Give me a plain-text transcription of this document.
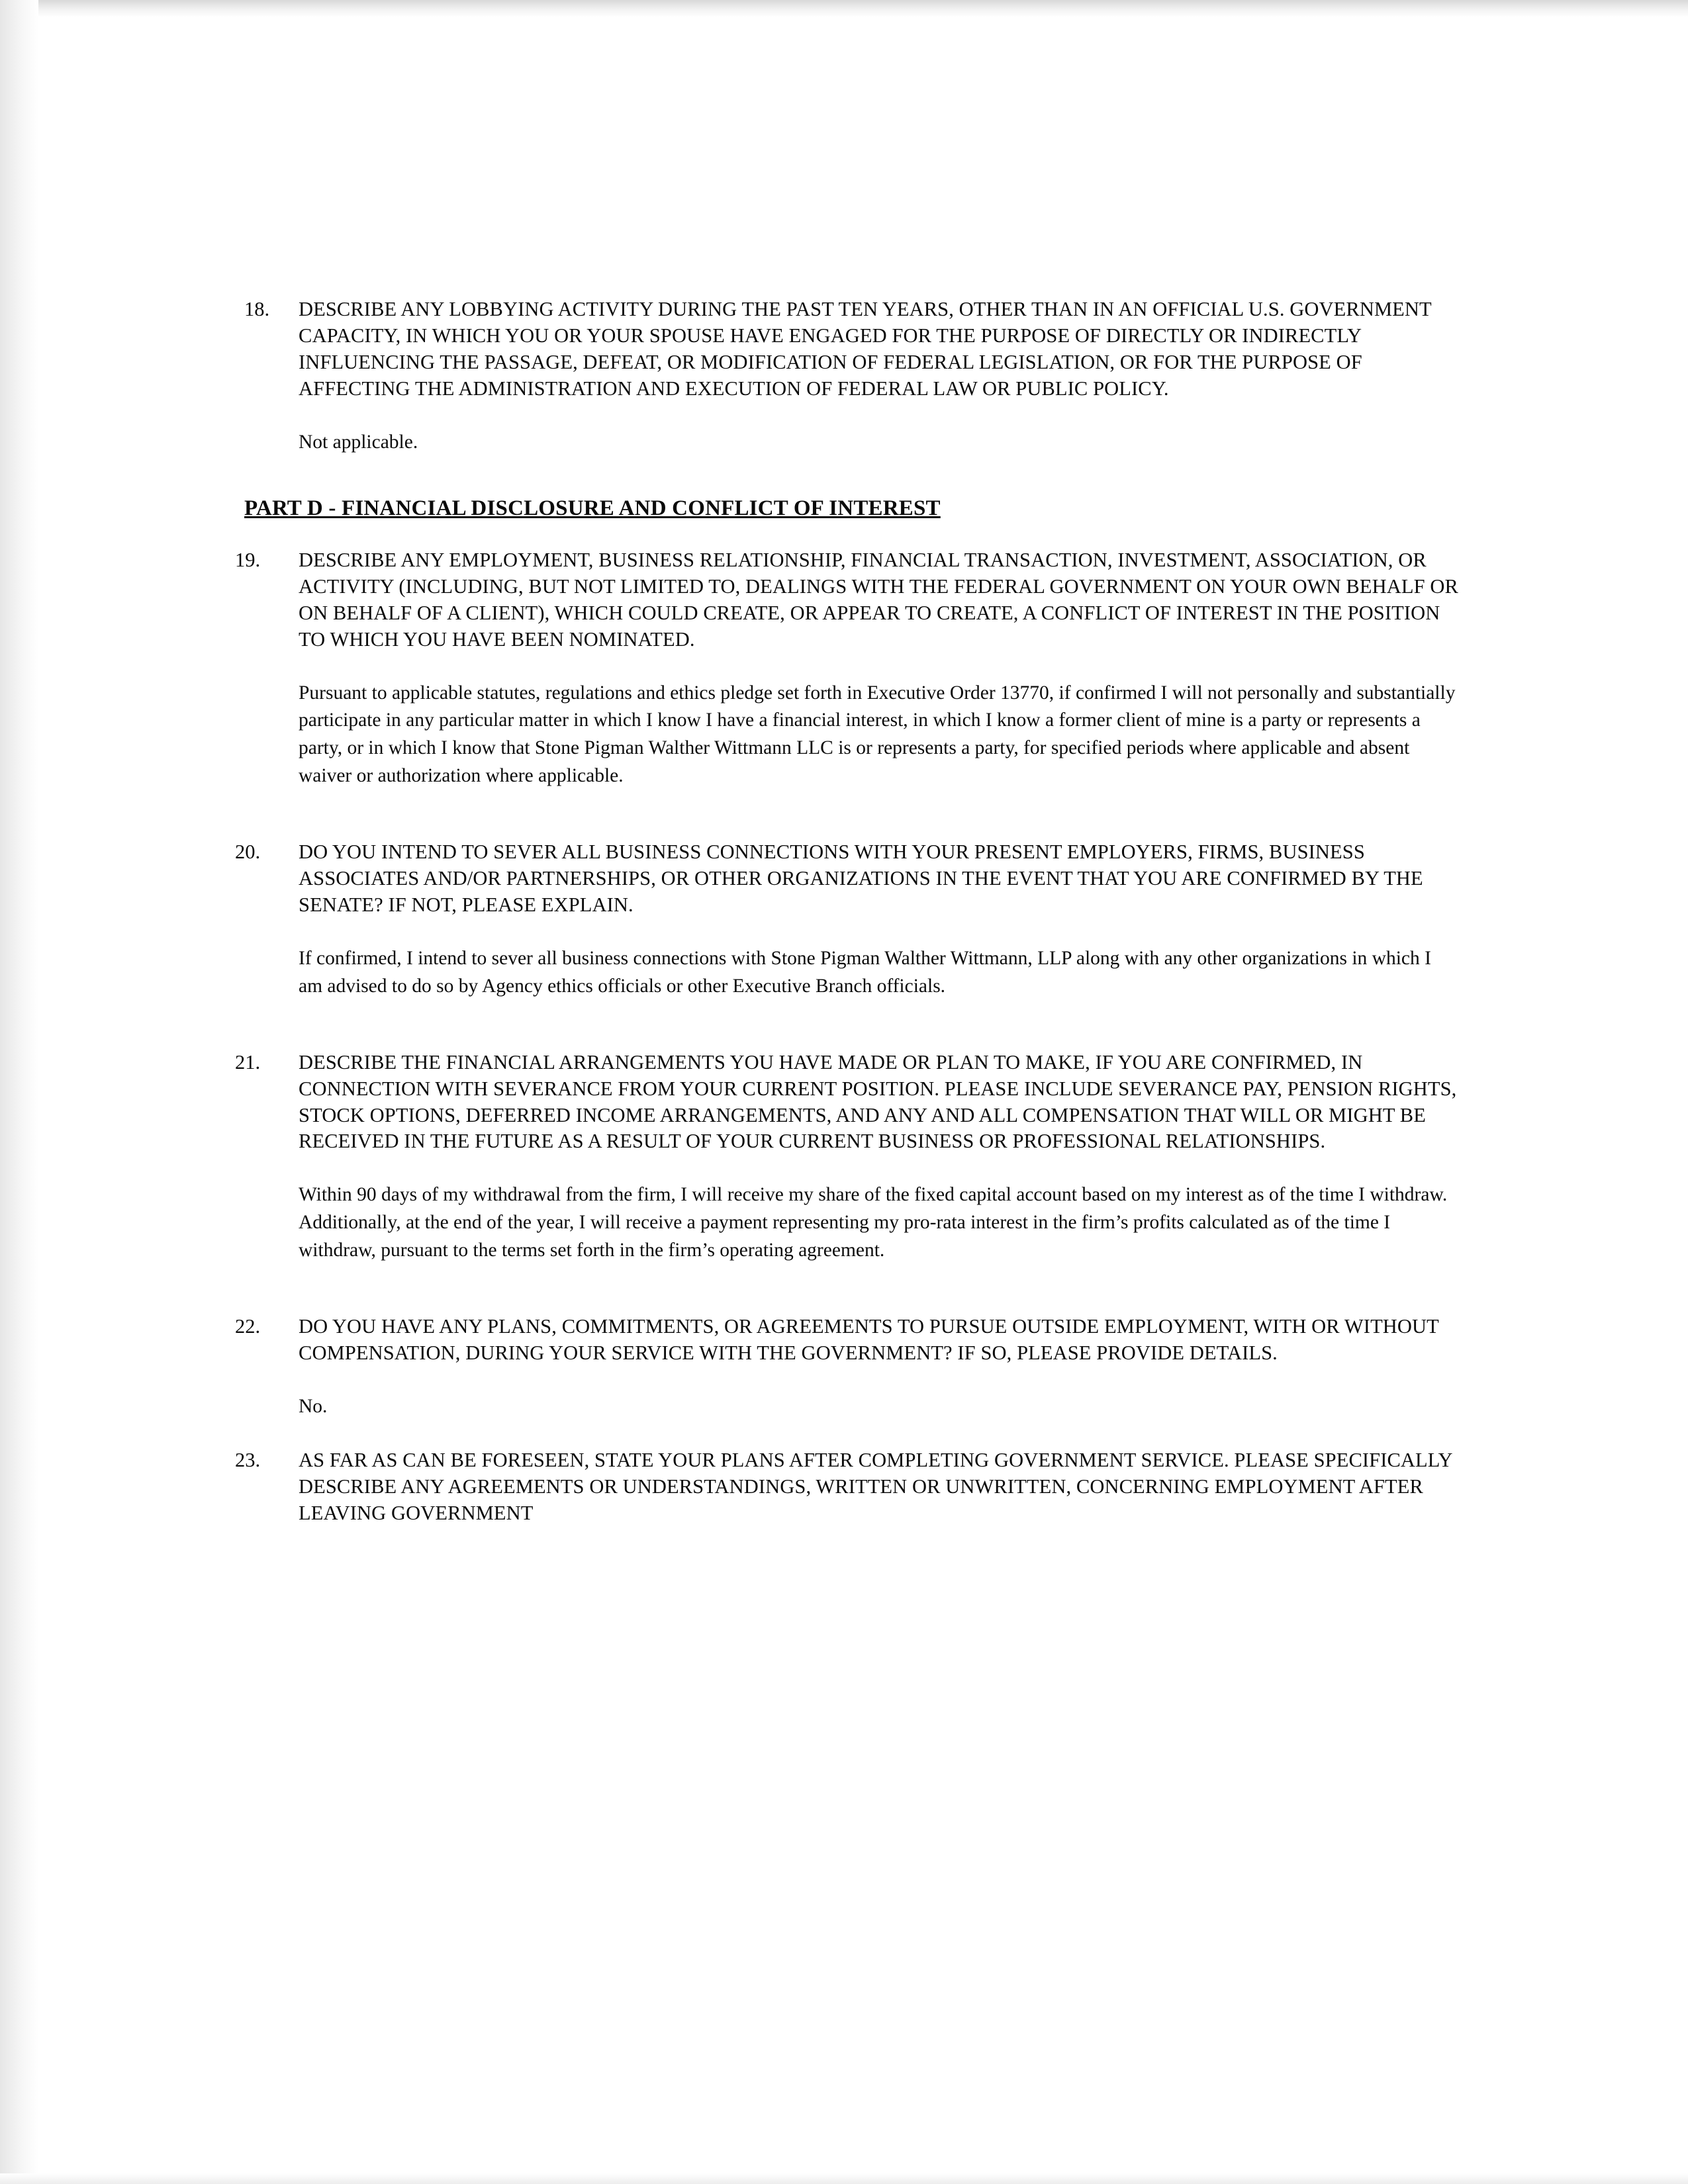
18.	DESCRIBE ANY LOBBYING ACTIVITY DURING THE PAST TEN YEARS, OTHER THAN IN AN OFFICIAL U.S. GOVERNMENT CAPACITY, IN WHICH YOU OR YOUR SPOUSE HAVE ENGAGED FOR THE PURPOSE OF DIRECTLY OR INDIRECTLY INFLUENCING THE PASSAGE, DEFEAT, OR MODIFICATION OF FEDERAL LEGISLATION, OR FOR THE PURPOSE OF AFFECTING THE ADMINISTRATION AND EXECUTION OF FEDERAL LAW OR PUBLIC POLICY.
Not applicable.
PART D - FINANCIAL DISCLOSURE AND CONFLICT OF INTEREST
19.	DESCRIBE ANY EMPLOYMENT, BUSINESS RELATIONSHIP, FINANCIAL TRANSACTION, INVESTMENT, ASSOCIATION, OR ACTIVITY (INCLUDING, BUT NOT LIMITED TO, DEALINGS WITH THE FEDERAL GOVERNMENT ON YOUR OWN BEHALF OR ON BEHALF OF A CLIENT), WHICH COULD CREATE, OR APPEAR TO CREATE, A CONFLICT OF INTEREST IN THE POSITION TO WHICH YOU HAVE BEEN NOMINATED.
Pursuant to applicable statutes, regulations and ethics pledge set forth in Executive Order 13770, if confirmed I will not personally and substantially participate in any particular matter in which I know I have a financial interest, in which I know a former client of mine is a party or represents a party, or in which I know that Stone Pigman Walther Wittmann LLC is or represents a party, for specified periods where applicable and absent waiver or authorization where applicable.
20.	DO YOU INTEND TO SEVER ALL BUSINESS CONNECTIONS WITH YOUR PRESENT EMPLOYERS, FIRMS, BUSINESS ASSOCIATES AND/OR PARTNERSHIPS, OR OTHER ORGANIZATIONS IN THE EVENT THAT YOU ARE CONFIRMED BY THE SENATE? IF NOT, PLEASE EXPLAIN.
If confirmed, I intend to sever all business connections with Stone Pigman Walther Wittmann, LLP along with any other organizations in which I am advised to do so by Agency ethics officials or other Executive Branch officials.
21.	DESCRIBE THE FINANCIAL ARRANGEMENTS YOU HAVE MADE OR PLAN TO MAKE, IF YOU ARE CONFIRMED, IN CONNECTION WITH SEVERANCE FROM YOUR CURRENT POSITION. PLEASE INCLUDE SEVERANCE PAY, PENSION RIGHTS, STOCK OPTIONS, DEFERRED INCOME ARRANGEMENTS, AND ANY AND ALL COMPENSATION THAT WILL OR MIGHT BE RECEIVED IN THE FUTURE AS A RESULT OF YOUR CURRENT BUSINESS OR PROFESSIONAL RELATIONSHIPS.
Within 90 days of my withdrawal from the firm, I will receive my share of the fixed capital account based on my interest as of the time I withdraw. Additionally, at the end of the year, I will receive a payment representing my pro-rata interest in the firm’s profits calculated as of the time I withdraw, pursuant to the terms set forth in the firm’s operating agreement.
22.	DO YOU HAVE ANY PLANS, COMMITMENTS, OR AGREEMENTS TO PURSUE OUTSIDE EMPLOYMENT, WITH OR WITHOUT COMPENSATION, DURING YOUR SERVICE WITH THE GOVERNMENT? IF SO, PLEASE PROVIDE DETAILS.
No.
23.	AS FAR AS CAN BE FORESEEN, STATE YOUR PLANS AFTER COMPLETING GOVERNMENT SERVICE. PLEASE SPECIFICALLY DESCRIBE ANY AGREEMENTS OR UNDERSTANDINGS, WRITTEN OR UNWRITTEN, CONCERNING EMPLOYMENT AFTER LEAVING GOVERNMENT
